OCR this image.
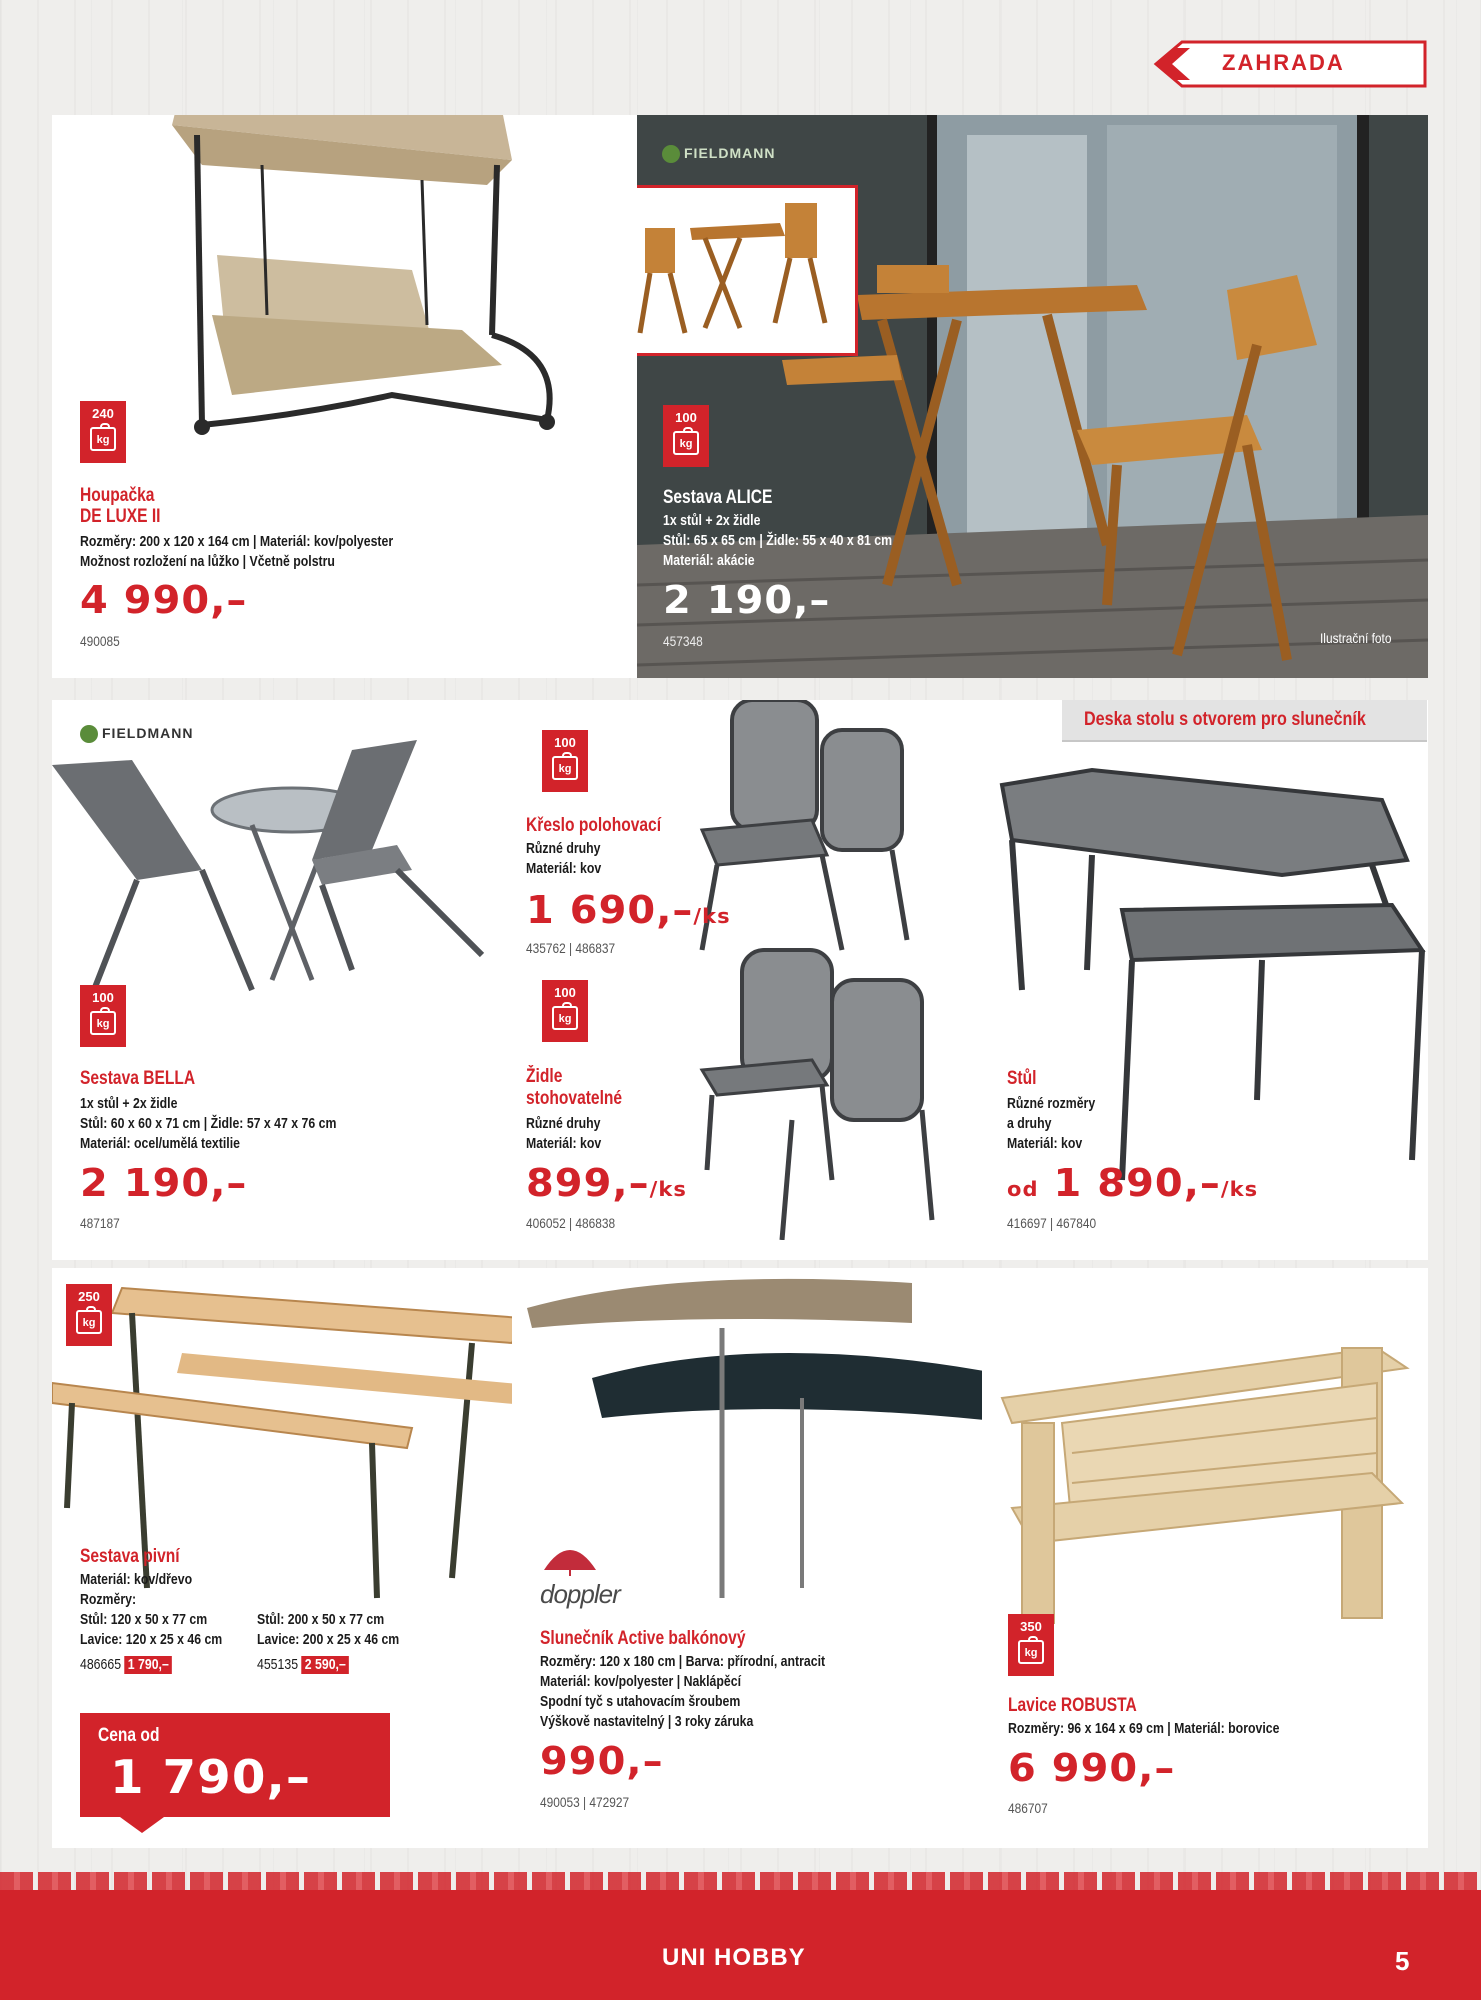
ZAHRADA
240
kg
Houpačka
DE LUXE II
Rozměry: 200 x 120 x 164 cm | Materiál: kov/polyester
Možnost rozložení na lůžko | Včetně polstru
4 990,–
490085
FIELDMANN
100
kg
Sestava ALICE
1x stůl + 2x židle
Stůl: 65 x 65 cm | Židle: 55 x 40 x 81 cm
Materiál: akácie
2 190,–
457348	Ilustrační foto
FIELDMANN
100
kg
Sestava BELLA
1x stůl + 2x židle
Stůl: 60 x 60 x 71 cm | Židle: 57 x 47 x 76 cm
Materiál: ocel/umělá textilie
2 190,–
487187
100
kg
Křeslo polohovací
Různé druhy
Materiál: kov
1 690,–/ks
435762 | 486837
100
kg
Židle
stohovatelné
Různé druhy
Materiál: kov
899,–/ks
406052 | 486838
Stůl
Různé rozměry
a druhy
Materiál: kov
od 1 890,–/ks
416697 | 467840
Deska stolu s otvorem pro slunečník
250
kg
Sestava pivní
Materiál: kov/dřevo
Rozměry:
Stůl: 120 x 50 x 77 cm
Lavice: 120 x 25 x 46 cm
486665 1 790,–
Stůl: 200 x 50 x 77 cm
Lavice: 200 x 25 x 46 cm
455135 2 590,–
Cena od
1 790,–
doppler
Slunečník Active balkónový
Rozměry: 120 x 180 cm | Barva: přírodní, antracit
Materiál: kov/polyester | Naklápěcí
Spodní tyč s utahovacím šroubem
Výškově nastavitelný | 3 roky záruka
990,–
490053 | 472927
350
kg
Lavice ROBUSTA
Rozměry: 96 x 164 x 69 cm | Materiál: borovice
6 990,–
486707
UNI HOBBY	5
